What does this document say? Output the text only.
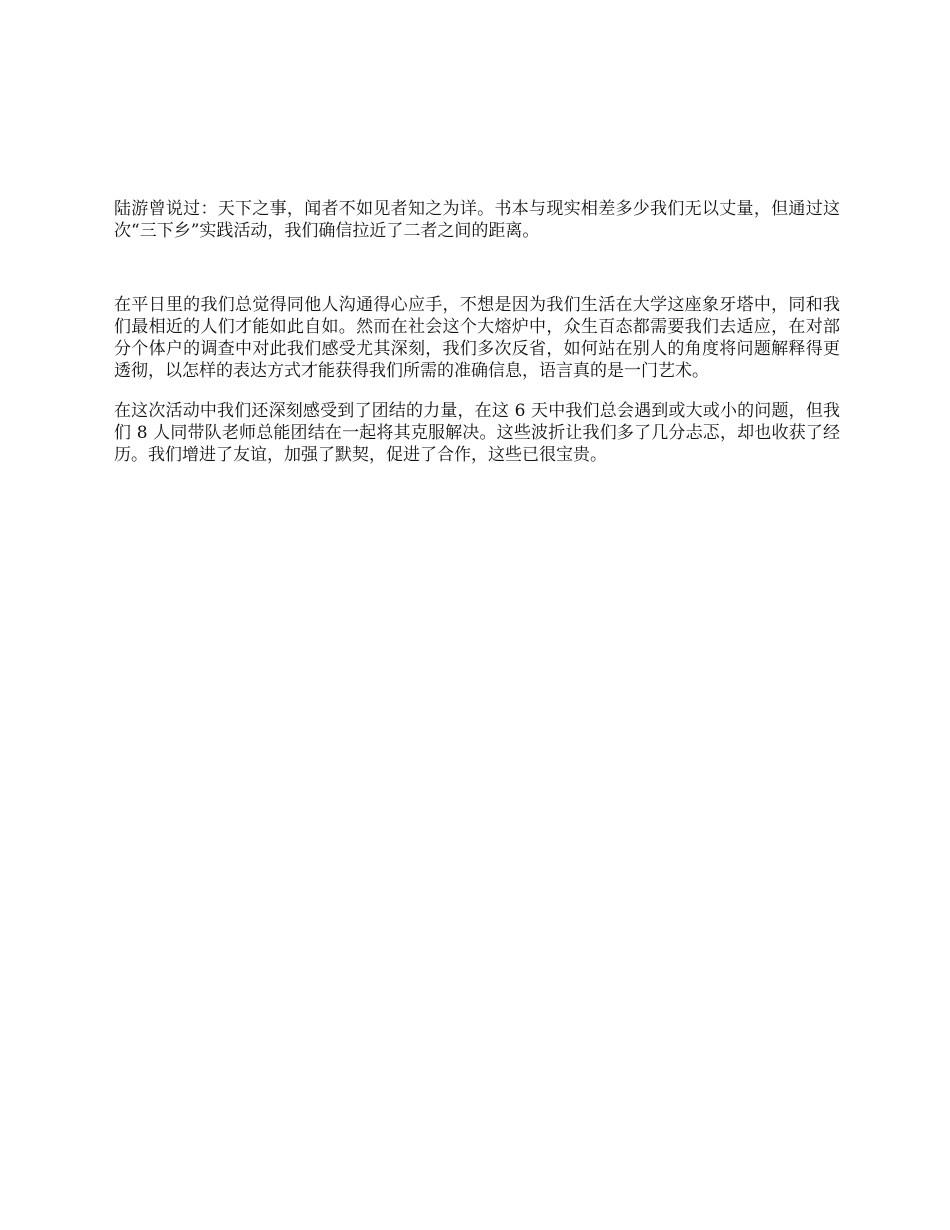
陆游曾说过：天下之事，闻者不如见者知之为详。书本与现实相差多少我们无以丈量，但通过这次“三下乡”实践活动，我们确信拉近了二者之间的距离。

在平日里的我们总觉得同他人沟通得心应手，不想是因为我们生活在大学这座象牙塔中，同和我们最相近的人们才能如此自如。然而在社会这个大熔炉中，众生百态都需要我们去适应，在对部分个体户的调查中对此我们感受尤其深刻，我们多次反省，如何站在别人的角度将问题解释得更透彻，以怎样的表达方式才能获得我们所需的准确信息，语言真的是一门艺术。

在这次活动中我们还深刻感受到了团结的力量，在这 6 天中我们总会遇到或大或小的问题，但我们 8 人同带队老师总能团结在一起将其克服解决。这些波折让我们多了几分忐忑，却也收获了经历。我们增进了友谊，加强了默契，促进了合作，这些已很宝贵。
